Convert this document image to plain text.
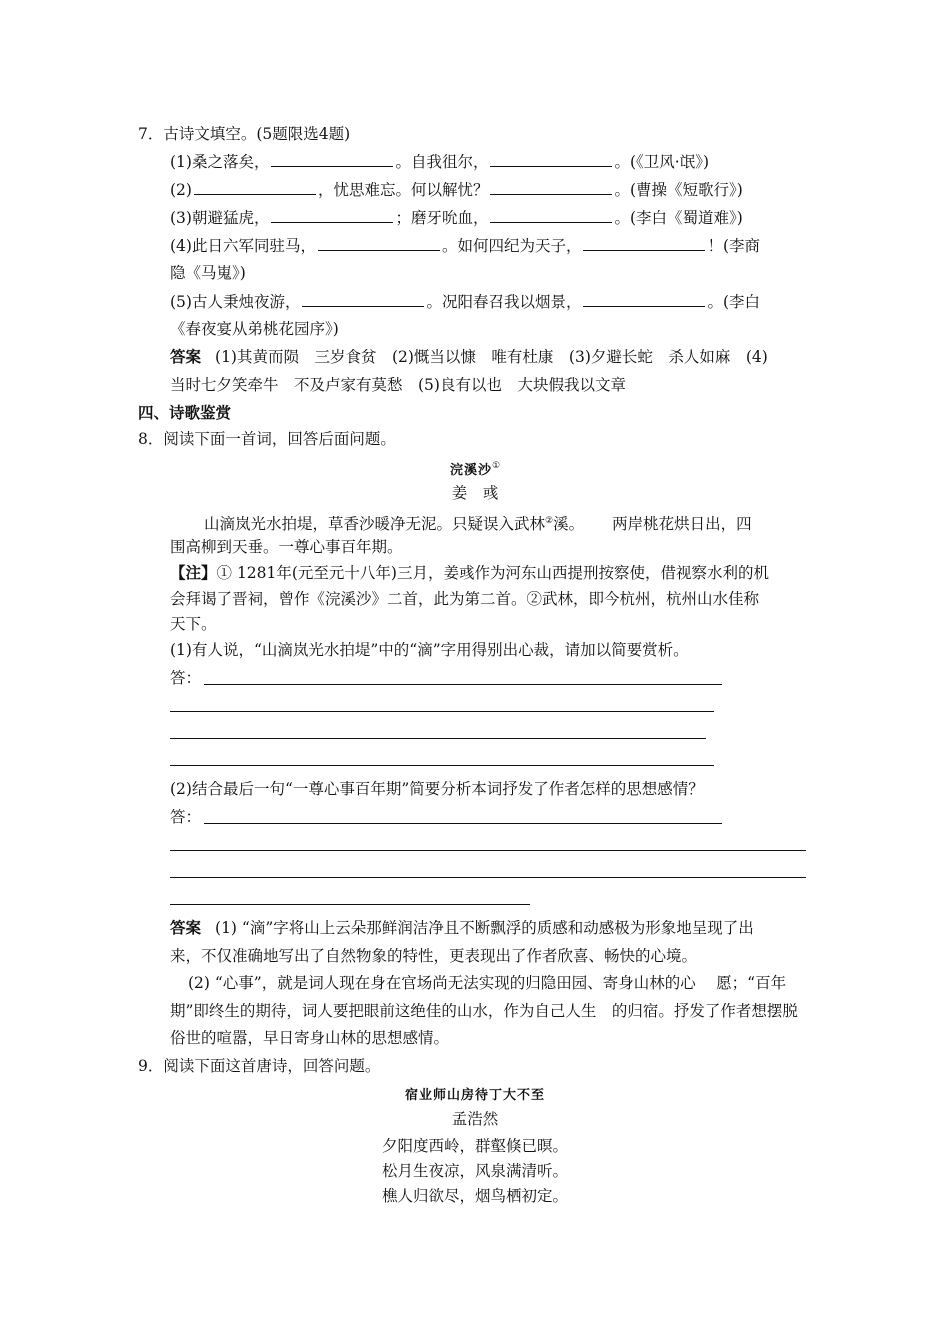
7．古诗文填空。(5题限选4题)
(1)桑之落矣，	。自我徂尔，	。(《卫风·氓》)
(2)	，忧思难忘。何以解忧？	。(曹操《短歌行》)
(3)朝避猛虎，	；磨牙吮血，	。(李白《蜀道难》)
(4)此日六军同驻马，	。如何四纪为天子，	！(李商
隐《马嵬》)
(5)古人秉烛夜游，	。况阳春召我以烟景，	。(李白
《春夜宴从弟桃花园序》)
答案 (1)其黄而陨　三岁食贫　(2)慨当以慷　唯有杜康　(3)夕避长蛇　杀人如麻　(4)
当时七夕笑牵牛　不及卢家有莫愁　(5)良有以也　大块假我以文章
四、诗歌鉴赏
8．阅读下面一首词，回答后面问题。
浣溪沙①
姜　彧
山滴岚光水拍堤，草香沙暖净无泥。只疑误入武林②溪。 两岸桃花烘日出，四
围高柳到天垂。一尊心事百年期。
【注】① 1281年(元至元十八年)三月，姜彧作为河东山西提刑按察使，借视察水利的机
会拜谒了晋祠，曾作《浣溪沙》二首，此为第二首。②武林，即今杭州，杭州山水佳称
天下。
(1)有人说，“山滴岚光水拍堤”中的“滴”字用得别出心裁，请加以简要赏析。
答：
(2)结合最后一句“一尊心事百年期”简要分析本词抒发了作者怎样的思想感情？
答：
答案 (1) “滴”字将山上云朵那鲜润洁净且不断飘浮的质感和动感极为形象地呈现了出
来，不仅准确地写出了自然物象的特性，更表现出了作者欣喜、畅快的心境。
(2) “心事”，就是词人现在身在官场尚无法实现的归隐田园、寄身山林的心　 愿；“百年
期”即终生的期待，词人要把眼前这绝佳的山水，作为自己人生　的归宿。抒发了作者想摆脱
俗世的喧嚣，早日寄身山林的思想感情。
9．阅读下面这首唐诗，回答问题。
宿业师山房待丁大不至
孟浩然
夕阳度西岭，群壑倏已暝。
松月生夜凉，风泉满清听。
樵人归欲尽，烟鸟栖初定。
